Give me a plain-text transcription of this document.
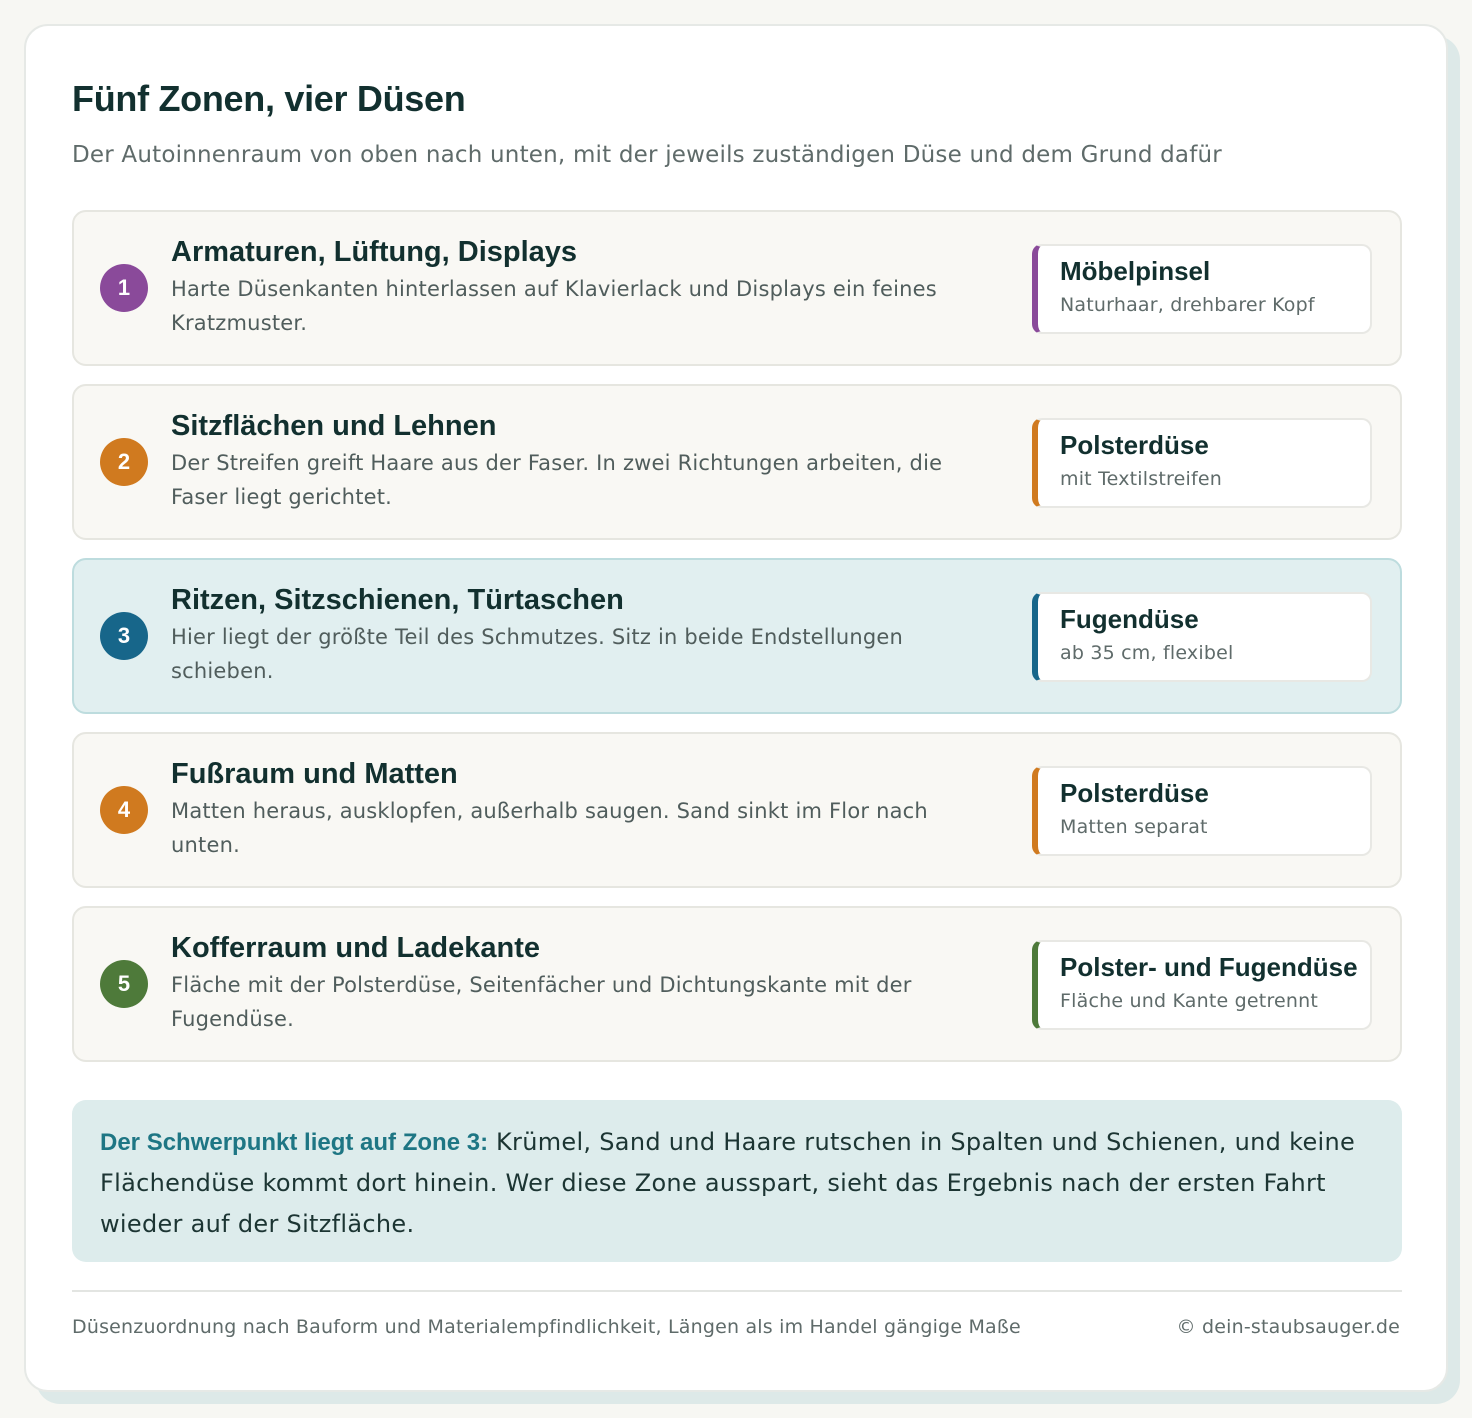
Fünf Zonen, vier Düsen

Der Autoinnenraum von oben nach unten, mit der jeweils zuständigen Düse und dem Grund dafür

1
Armaturen, Lüftung, Displays
Harte Düsenkanten hinterlassen auf Klavierlack und Displays ein feines Kratzmuster.
Möbelpinsel
Naturhaar, drehbarer Kopf
2
Sitzflächen und Lehnen
Der Streifen greift Haare aus der Faser. In zwei Richtungen arbeiten, die Faser liegt gerichtet.
Polsterdüse
mit Textilstreifen
3
Ritzen, Sitzschienen, Türtaschen
Hier liegt der größte Teil des Schmutzes. Sitz in beide Endstellungen schieben.
Fugendüse
ab 35 cm, flexibel
4
Fußraum und Matten
Matten heraus, ausklopfen, außerhalb saugen. Sand sinkt im Flor nach unten.
Polsterdüse
Matten separat
5
Kofferraum und Ladekante
Fläche mit der Polsterdüse, Seitenfächer und Dichtungskante mit der Fugendüse.
Polster- und Fugendüse
Fläche und Kante getrennt
Der Schwerpunkt liegt auf Zone 3: Krümel, Sand und Haare rutschen in Spalten und Schienen, und keine Flächendüse kommt dort hinein. Wer diese Zone ausspart, sieht das Ergebnis nach der ersten Fahrt wieder auf der Sitzfläche.
Düsenzuordnung nach Bauform und Materialempfindlichkeit, Längen als im Handel gängige Maße	© dein-staubsauger.de
